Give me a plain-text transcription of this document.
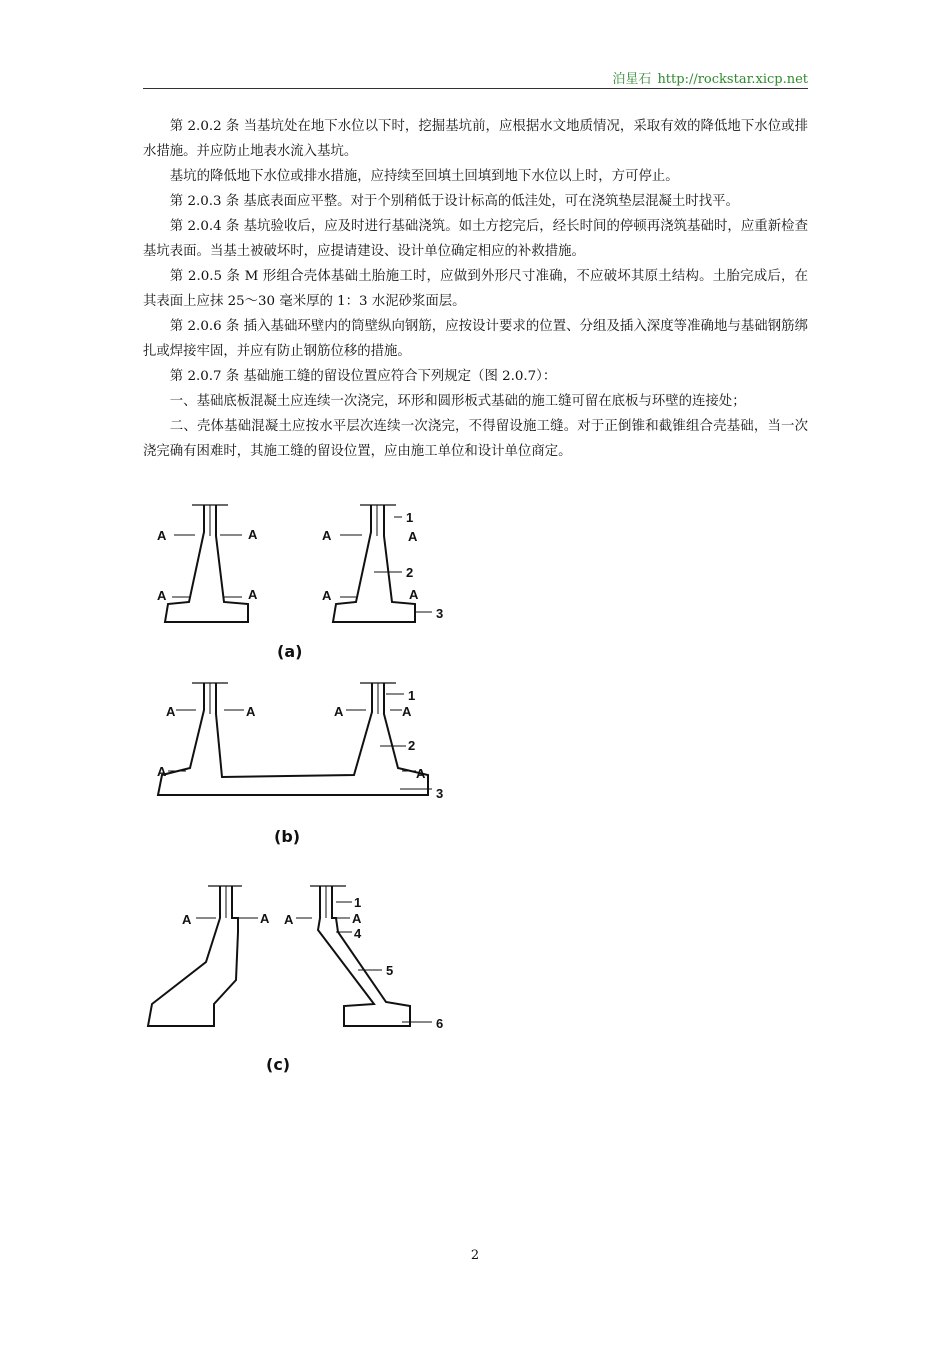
泊星石 http://rockstar.xicp.net

第 2.0.2 条 当基坑处在地下水位以下时，挖掘基坑前，应根据水文地质情况，采取有效的降低地下水位或排水措施。并应防止地表水流入基坑。

基坑的降低地下水位或排水措施，应持续至回填土回填到地下水位以上时，方可停止。

第 2.0.3 条 基底表面应平整。对于个别稍低于设计标高的低洼处，可在浇筑垫层混凝土时找平。

第 2.0.4 条 基坑验收后，应及时进行基础浇筑。如土方挖完后，经长时间的停顿再浇筑基础时，应重新检查基坑表面。当基土被破坏时，应提请建设、设计单位确定相应的补救措施。

第 2.0.5 条 M 形组合壳体基础土胎施工时，应做到外形尺寸准确，不应破坏其原土结构。土胎完成后，在其表面上应抹 25～30 毫米厚的 1：3 水泥砂浆面层。

第 2.0.6 条 插入基础环壁内的筒壁纵向钢筋，应按设计要求的位置、分组及插入深度等准确地与基础钢筋绑扎或焊接牢固，并应有防止钢筋位移的措施。

第 2.0.7 条 基础施工缝的留设位置应符合下列规定（图 2.0.7）：

一、基础底板混凝土应连续一次浇完，环形和圆形板式基础的施工缝可留在底板与环壁的连接处；

二、壳体基础混凝土应按水平层次连续一次浇完，不得留设施工缝。对于正倒锥和截锥组合壳基础，当一次浇完确有困难时，其施工缝的留设位置，应由施工单位和设计单位商定。

A	A
A	A
A	A
A	A
1
2
3
(a)
A	A	A	A
A	A
1
2
3
(b)
A	A A	A
1
4
5
6
(c)
2
